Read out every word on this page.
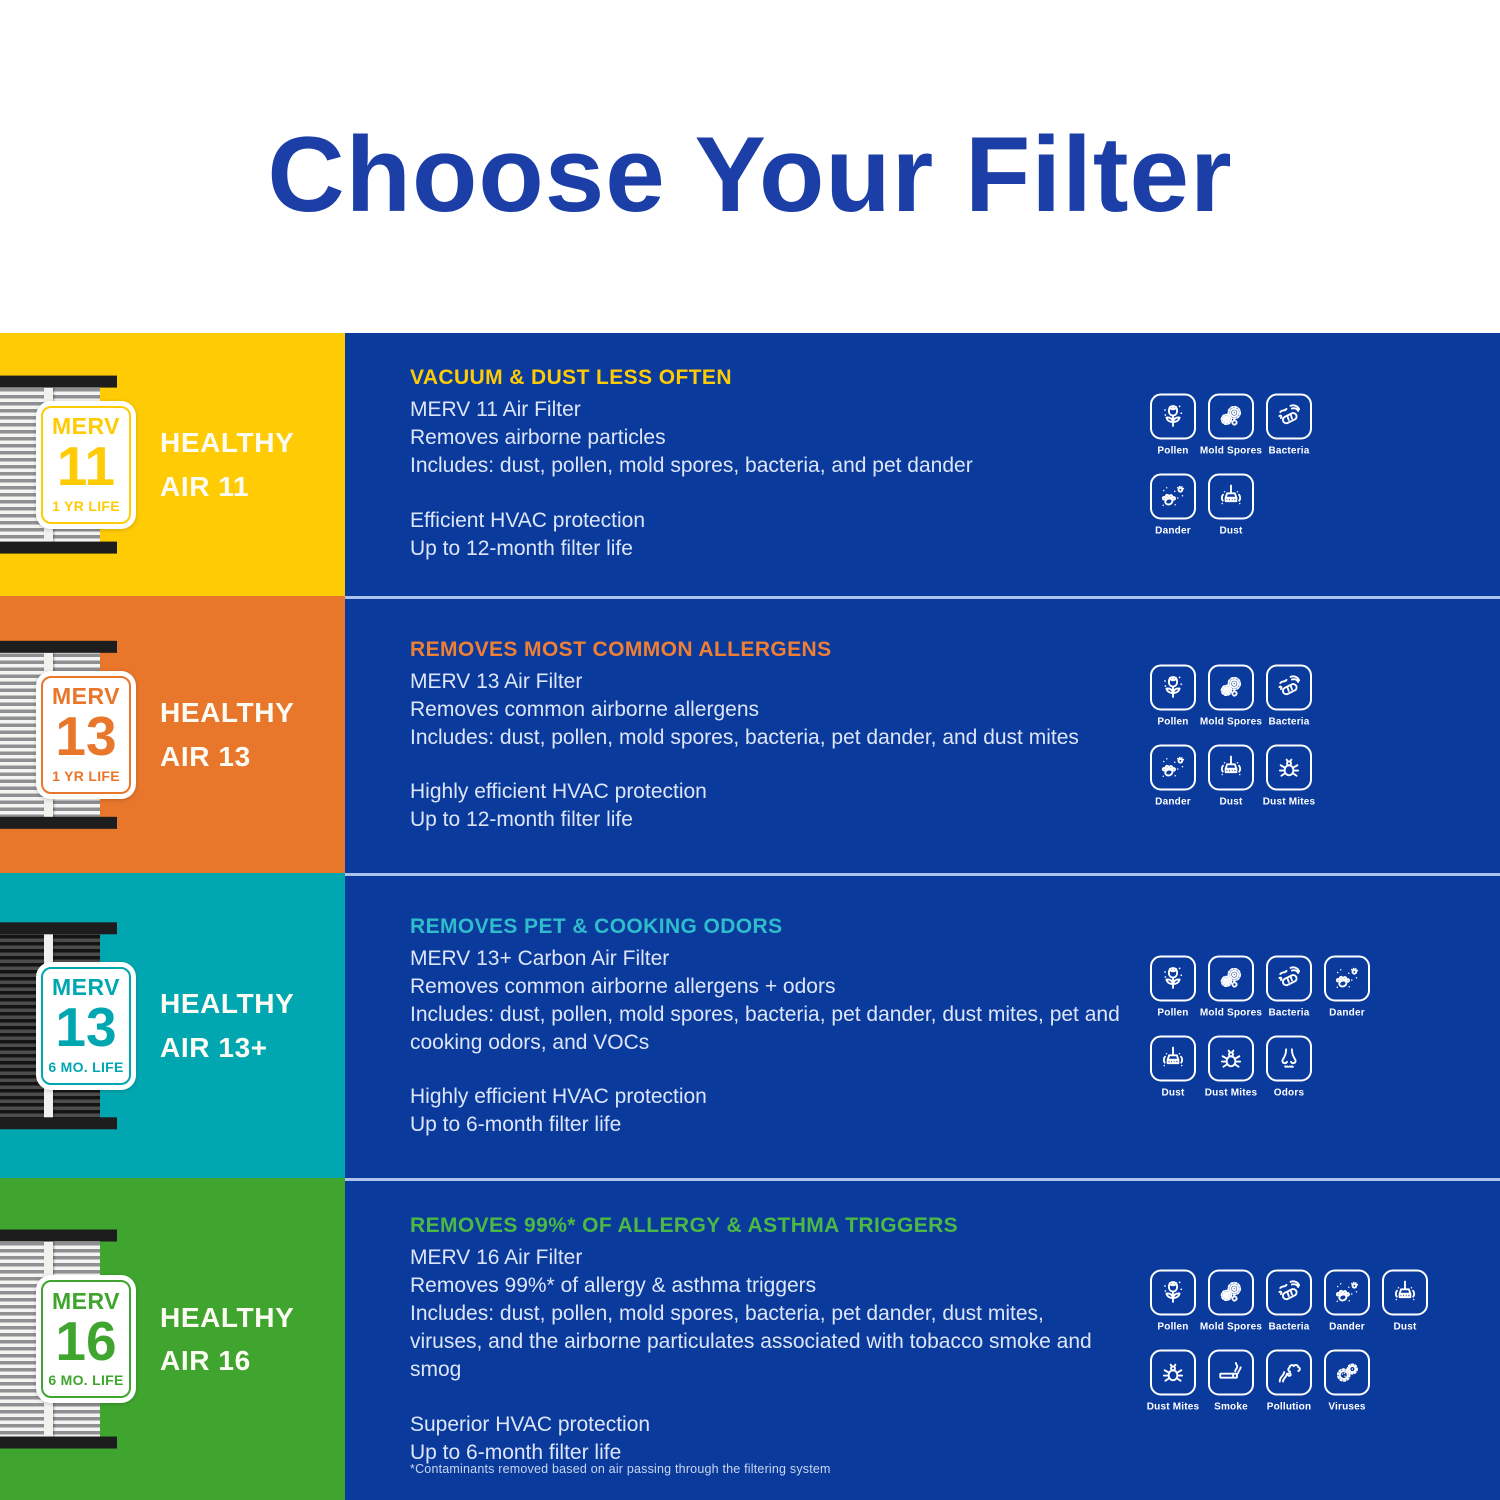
Choose Your Filter
MERV
11
1 YR LIFE
HEALTHY
AIR 11
VACUUM & DUST LESS OFTEN
MERV 11 Air Filter
Removes airborne particles
Includes: dust, pollen, mold spores, bacteria, and pet dander
Efficient HVAC protection
Up to 12-month filter life
Pollen Mold Spores Bacteria
Dander	Dust
MERV
13
1 YR LIFE
HEALTHY
AIR 13
REMOVES MOST COMMON ALLERGENS
MERV 13 Air Filter
Removes common airborne allergens
Includes: dust, pollen, mold spores, bacteria, pet dander, and dust mites
Highly efficient HVAC protection
Up to 12-month filter life
Pollen Mold Spores Bacteria
Dander	Dust Dust Mites
MERV
13
6 MO. LIFE
HEALTHY
AIR 13+
REMOVES PET & COOKING ODORS
MERV 13+ Carbon Air Filter
Removes common airborne allergens + odors
Includes: dust, pollen, mold spores, bacteria, pet dander, dust mites, pet and cooking odors, and VOCs
Highly efficient HVAC protection
Up to 6-month filter life
Pollen Mold Spores Bacteria Dander
Dust Dust Mites Odors
MERV
16
6 MO. LIFE
HEALTHY
AIR 16
REMOVES 99%* OF ALLERGY & ASTHMA TRIGGERS
MERV 16 Air Filter
Removes 99%* of allergy & asthma triggers
Includes: dust, pollen, mold spores, bacteria, pet dander, dust mites, viruses, and the airborne particulates associated with tobacco smoke and smog
Superior HVAC protection
Up to 6-month filter life
Pollen Mold Spores Bacteria Dander	Dust
Dust Mites Smoke Pollution Viruses
*Contaminants removed based on air passing through the filtering system
